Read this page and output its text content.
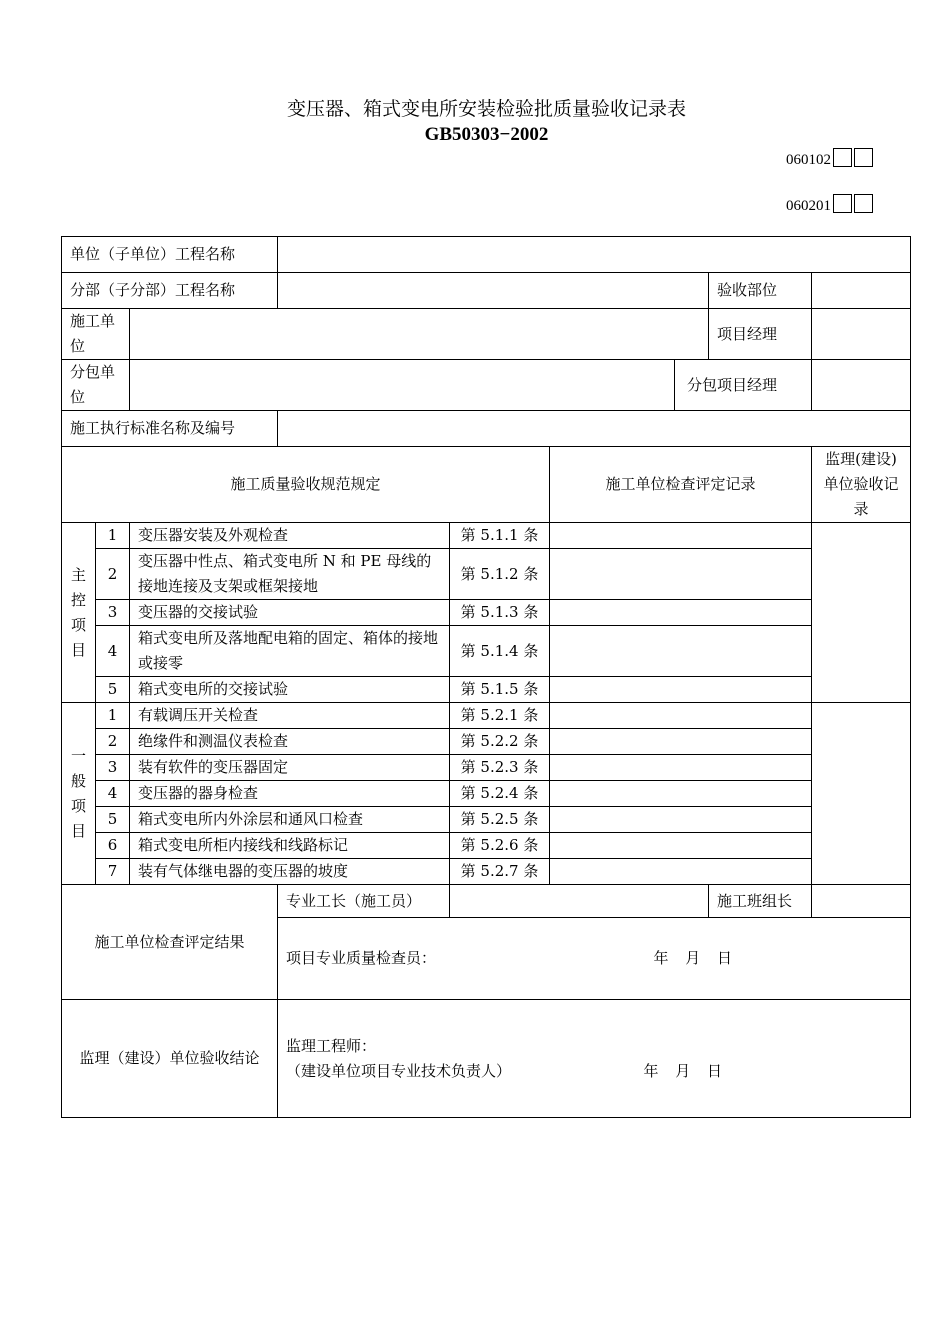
变压器、箱式变电所安装检验批质量验收记录表
GB50303−2002
060102
060201
单位（子单位）工程名称								
分部（子分部）工程名称							验收部位	
施工单位							项目经理	
分包单位						分包项目经理		
施工执行标准名称及编号								
施工质量验收规范规定					施工单位检查评定记录			监理(建设)单位验收记录
主控项目	1	变压器安装及外观检查		第 5.1.1 条				
	2	变压器中性点、箱式变电所 N 和 PE 母线的接地连接及支架或框架接地		第 5.1.2 条				
	3	变压器的交接试验		第 5.1.3 条				
	4	箱式变电所及落地配电箱的固定、箱体的接地或接零		第 5.1.4 条				
	5	箱式变电所的交接试验		第 5.1.5 条				
一般项目	1	有载调压开关检查		第 5.2.1 条				
	2	绝缘件和测温仪表检查		第 5.2.2 条				
	3	装有软件的变压器固定		第 5.2.3 条				
	4	变压器的器身检查		第 5.2.4 条				
	5	箱式变电所内外涂层和通风口检查		第 5.2.5 条				
	6	箱式变电所柜内接线和线路标记		第 5.2.6 条				
	7	装有气体继电器的变压器的坡度		第 5.2.7 条				
施工单位检查评定结果			专业工长（施工员）				施工班组长	

			项目专业质量检查员： 年 月 日					

监理（建设）单位验收结论			监理工程师：
（建设单位项目专业技术负责人） 年 月 日					
